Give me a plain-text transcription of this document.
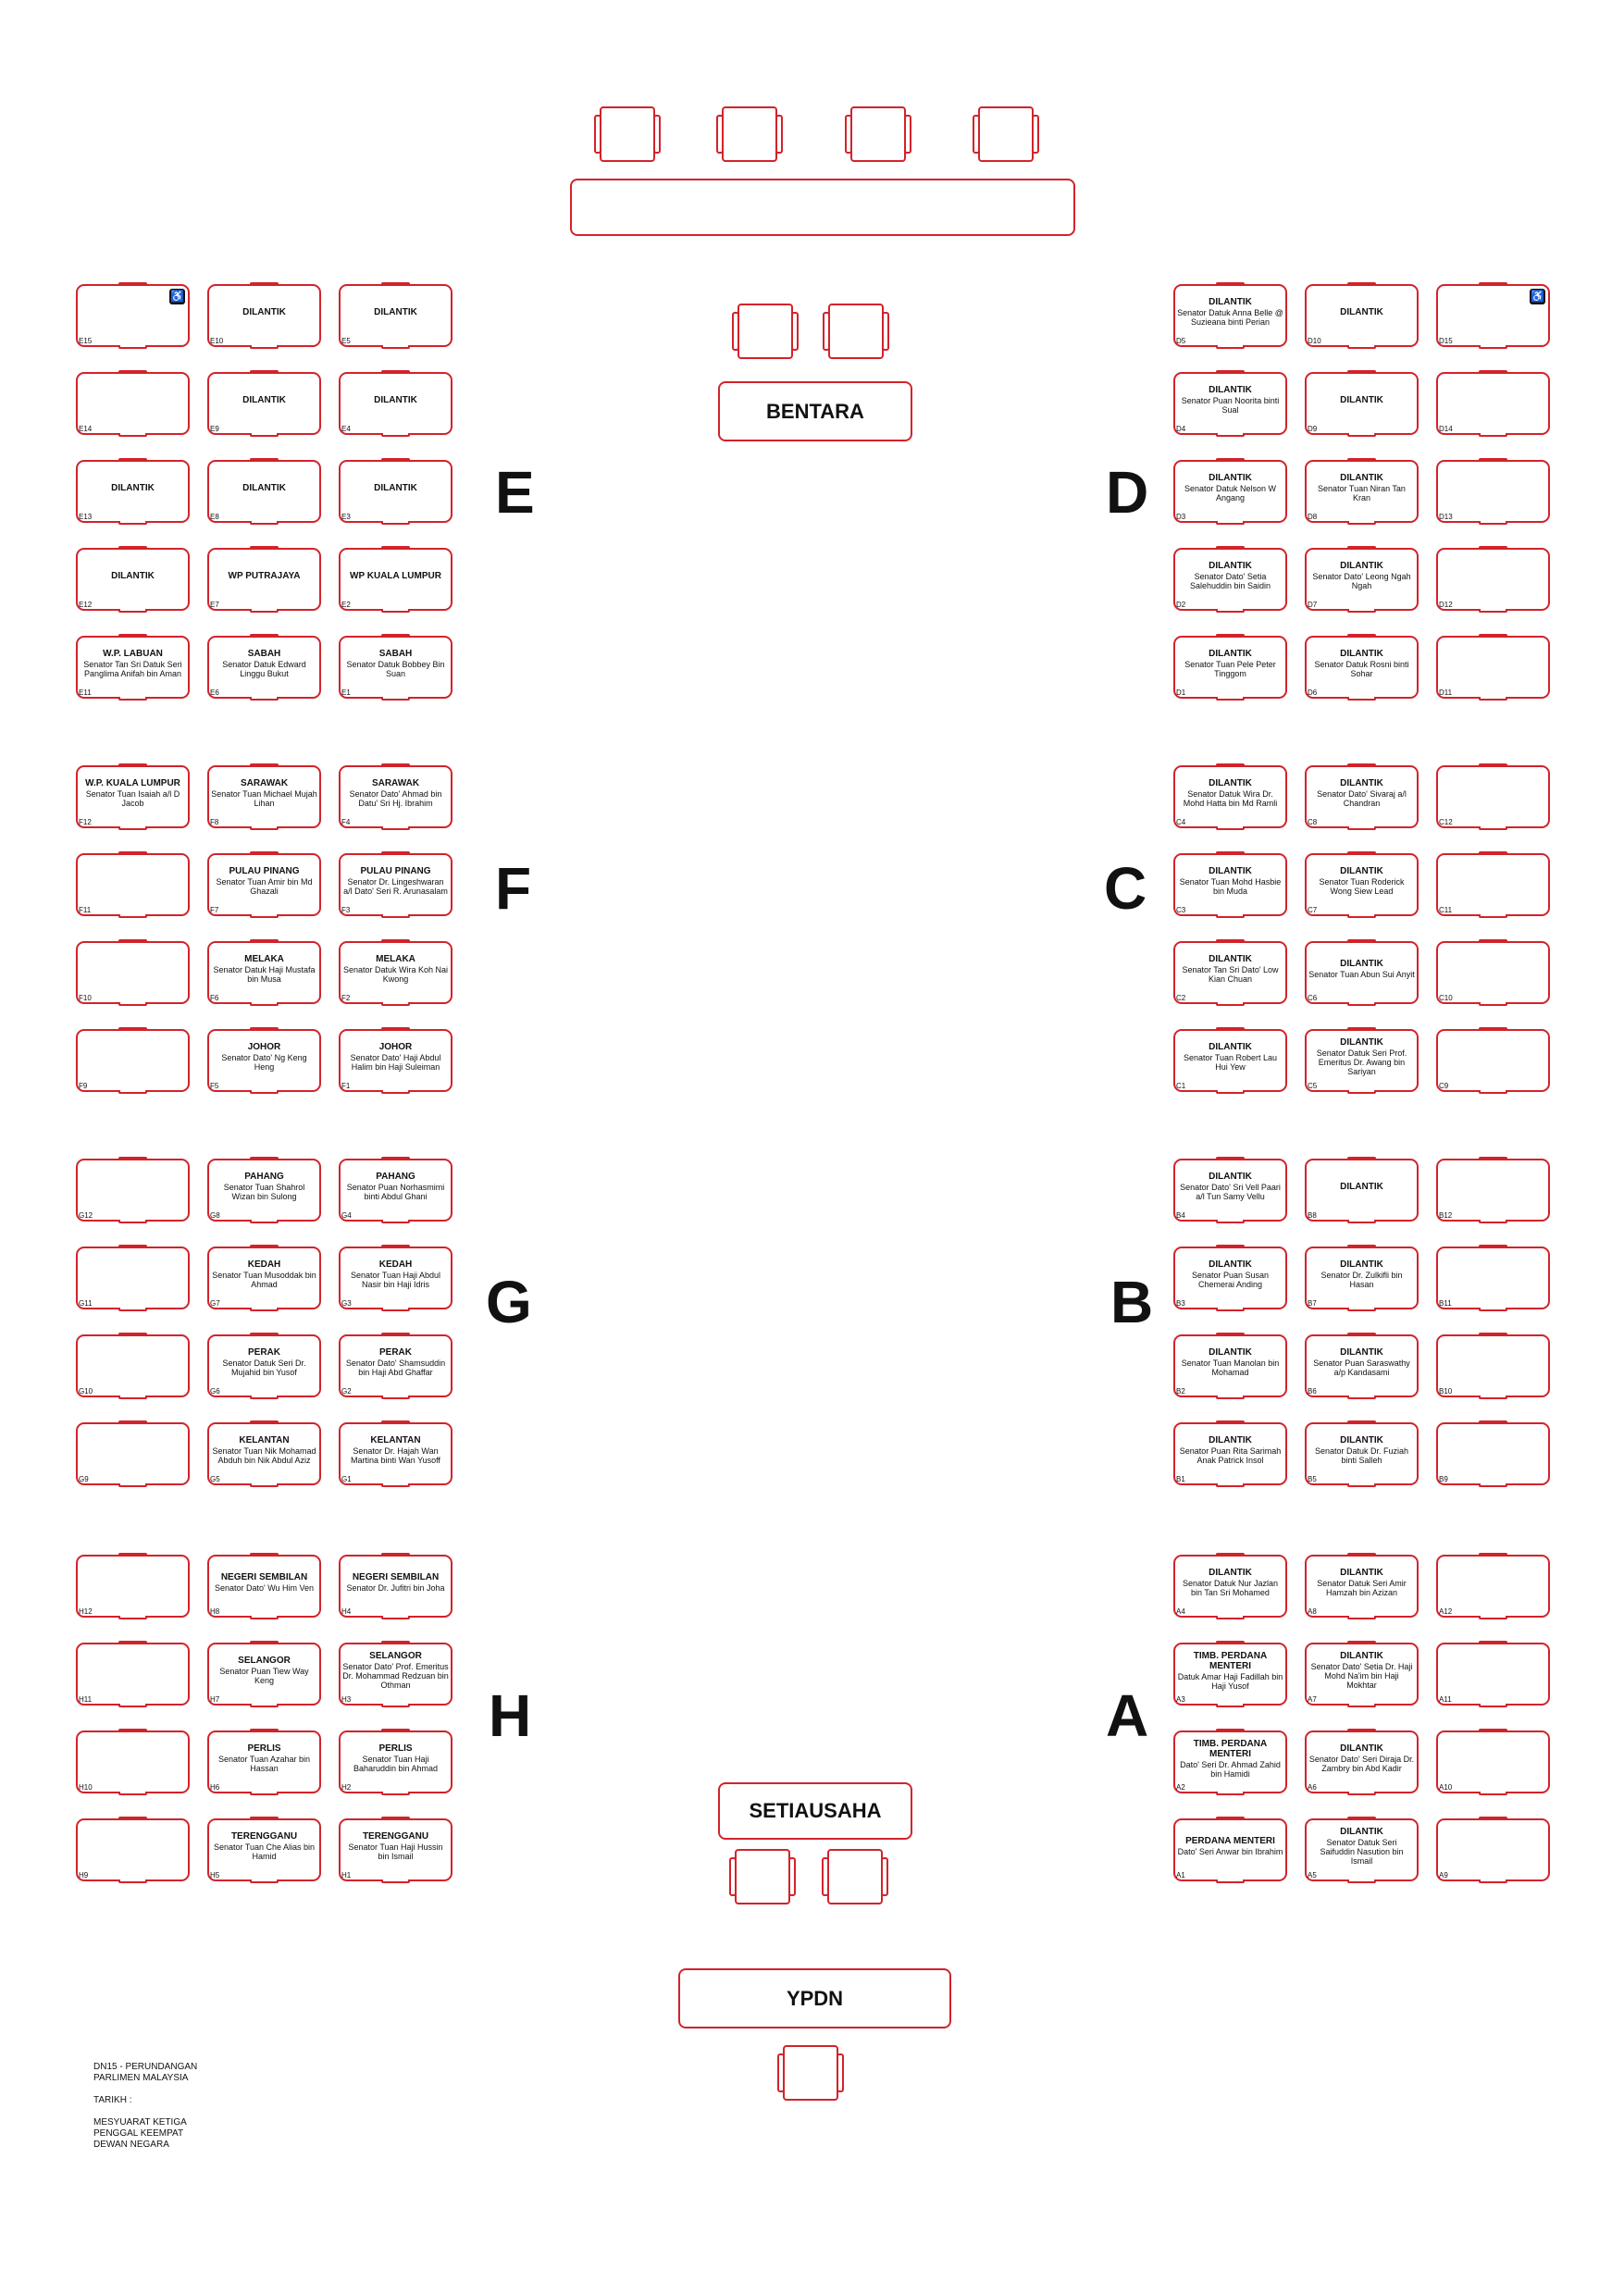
BENTARA
SETIAUSAHA
YPDN
E	D
F	C
G	B
H	A
E15
♿
DILANTIK
E10
DILANTIK
E5
E14
DILANTIK
E9
DILANTIK
E4
DILANTIK
E13
DILANTIK
E8
DILANTIK
E3
DILANTIK
E12
WP PUTRAJAYA
E7
WP KUALA LUMPUR
E2
W.P. LABUAN
Senator Tan Sri Datuk Seri Panglima Anifah bin Aman
E11
SABAH
Senator Datuk Edward Linggu Bukut
E6
SABAH
Senator Datuk Bobbey Bin Suan
E1
DILANTIK
Senator Datuk Anna Belle @ Suzieana binti Perian
D5
DILANTIK
D10	D15
♿
DILANTIK
Senator Puan Noorita binti Sual
D4
DILANTIK
D9	D14
DILANTIK
Senator Datuk Nelson W Angang
D3
DILANTIK
Senator Tuan Niran Tan Kran
D8	D13
DILANTIK
Senator Dato' Setia Salehuddin bin Saidin
D2
DILANTIK
Senator Dato' Leong Ngah Ngah
D7	D12
DILANTIK
Senator Tuan Pele Peter Tinggom
D1
DILANTIK
Senator Datuk Rosni binti Sohar
D6	D11
W.P. KUALA LUMPUR
Senator Tuan Isaiah a/l D Jacob
F12
SARAWAK
Senator Tuan Michael Mujah Lihan
F8
SARAWAK
Senator Dato' Ahmad bin Datu' Sri Hj. Ibrahim
F4
F11
PULAU PINANG
Senator Tuan Amir bin Md Ghazali
F7
PULAU PINANG
Senator Dr. Lingeshwaran a/l Dato' Seri R. Arunasalam
F3
F10
MELAKA
Senator Datuk Haji Mustafa bin Musa
F6
MELAKA
Senator Datuk Wira Koh Nai Kwong
F2
F9
JOHOR
Senator Dato' Ng Keng Heng
F5
JOHOR
Senator Dato' Haji Abdul Halim bin Haji Suleiman
F1
DILANTIK
Senator Datuk Wira Dr. Mohd Hatta bin Md Ramli
C4
DILANTIK
Senator Dato' Sivaraj a/l Chandran
C8	C12
DILANTIK
Senator Tuan Mohd Hasbie bin Muda
C3
DILANTIK
Senator Tuan Roderick Wong Siew Lead
C7	C11
DILANTIK
Senator Tan Sri Dato' Low Kian Chuan
C2
DILANTIK
Senator Tuan Abun Sui Anyit
C6	C10
DILANTIK
Senator Tuan Robert Lau Hui Yew
C1
DILANTIK
Senator Datuk Seri Prof. Emeritus Dr. Awang bin Sariyan
C5	C9
G12
PAHANG
Senator Tuan Shahrol Wizan bin Sulong
G8
PAHANG
Senator Puan Norhasmimi binti Abdul Ghani
G4
G11
KEDAH
Senator Tuan Musoddak bin Ahmad
G7
KEDAH
Senator Tuan Haji Abdul Nasir bin Haji Idris
G3
G10
PERAK
Senator Datuk Seri Dr. Mujahid bin Yusof
G6
PERAK
Senator Dato' Shamsuddin bin Haji Abd Ghaffar
G2
G9
KELANTAN
Senator Tuan Nik Mohamad Abduh bin Nik Abdul Aziz
G5
KELANTAN
Senator Dr. Hajah Wan Martina binti Wan Yusoff
G1
DILANTIK
Senator Dato' Sri Vell Paari a/l Tun Samy Vellu
B4
DILANTIK
B8	B12
DILANTIK
Senator Puan Susan Chemerai Anding
B3
DILANTIK
Senator Dr. Zulkifli bin Hasan
B7	B11
DILANTIK
Senator Tuan Manolan bin Mohamad
B2
DILANTIK
Senator Puan Saraswathy a/p Kandasami
B6	B10
DILANTIK
Senator Puan Rita Sarimah Anak Patrick Insol
B1
DILANTIK
Senator Datuk Dr. Fuziah binti Salleh
B5	B9
H12
NEGERI SEMBILAN
Senator Dato' Wu Him Ven
H8
NEGERI SEMBILAN
Senator Dr. Jufitri bin Joha
H4
H11
SELANGOR
Senator Puan Tiew Way Keng
H7
SELANGOR
Senator Dato' Prof. Emeritus Dr. Mohammad Redzuan bin Othman
H3
H10
PERLIS
Senator Tuan Azahar bin Hassan
H6
PERLIS
Senator Tuan Haji Baharuddin bin Ahmad
H2
H9
TERENGGANU
Senator Tuan Che Alias bin Hamid
H5
TERENGGANU
Senator Tuan Haji Hussin bin Ismail
H1
DILANTIK
Senator Datuk Nur Jazlan bin Tan Sri Mohamed
A4
DILANTIK
Senator Datuk Seri Amir Hamzah bin Azizan
A8	A12
TIMB. PERDANA MENTERI
Datuk Amar Haji Fadillah bin Haji Yusof
A3
DILANTIK
Senator Dato' Setia Dr. Haji Mohd Na'im bin Haji Mokhtar
A7	A11
TIMB. PERDANA MENTERI
Dato' Seri Dr. Ahmad Zahid bin Hamidi
A2
DILANTIK
Senator Dato' Seri Diraja Dr. Zambry bin Abd Kadir
A6	A10
PERDANA MENTERI
Dato' Seri Anwar bin Ibrahim
A1
DILANTIK
Senator Datuk Seri Saifuddin Nasution bin Ismail
A5	A9
DN15 - PERUNDANGAN
PARLIMEN MALAYSIA
TARIKH :
MESYUARAT KETIGA
PENGGAL KEEMPAT
DEWAN NEGARA
